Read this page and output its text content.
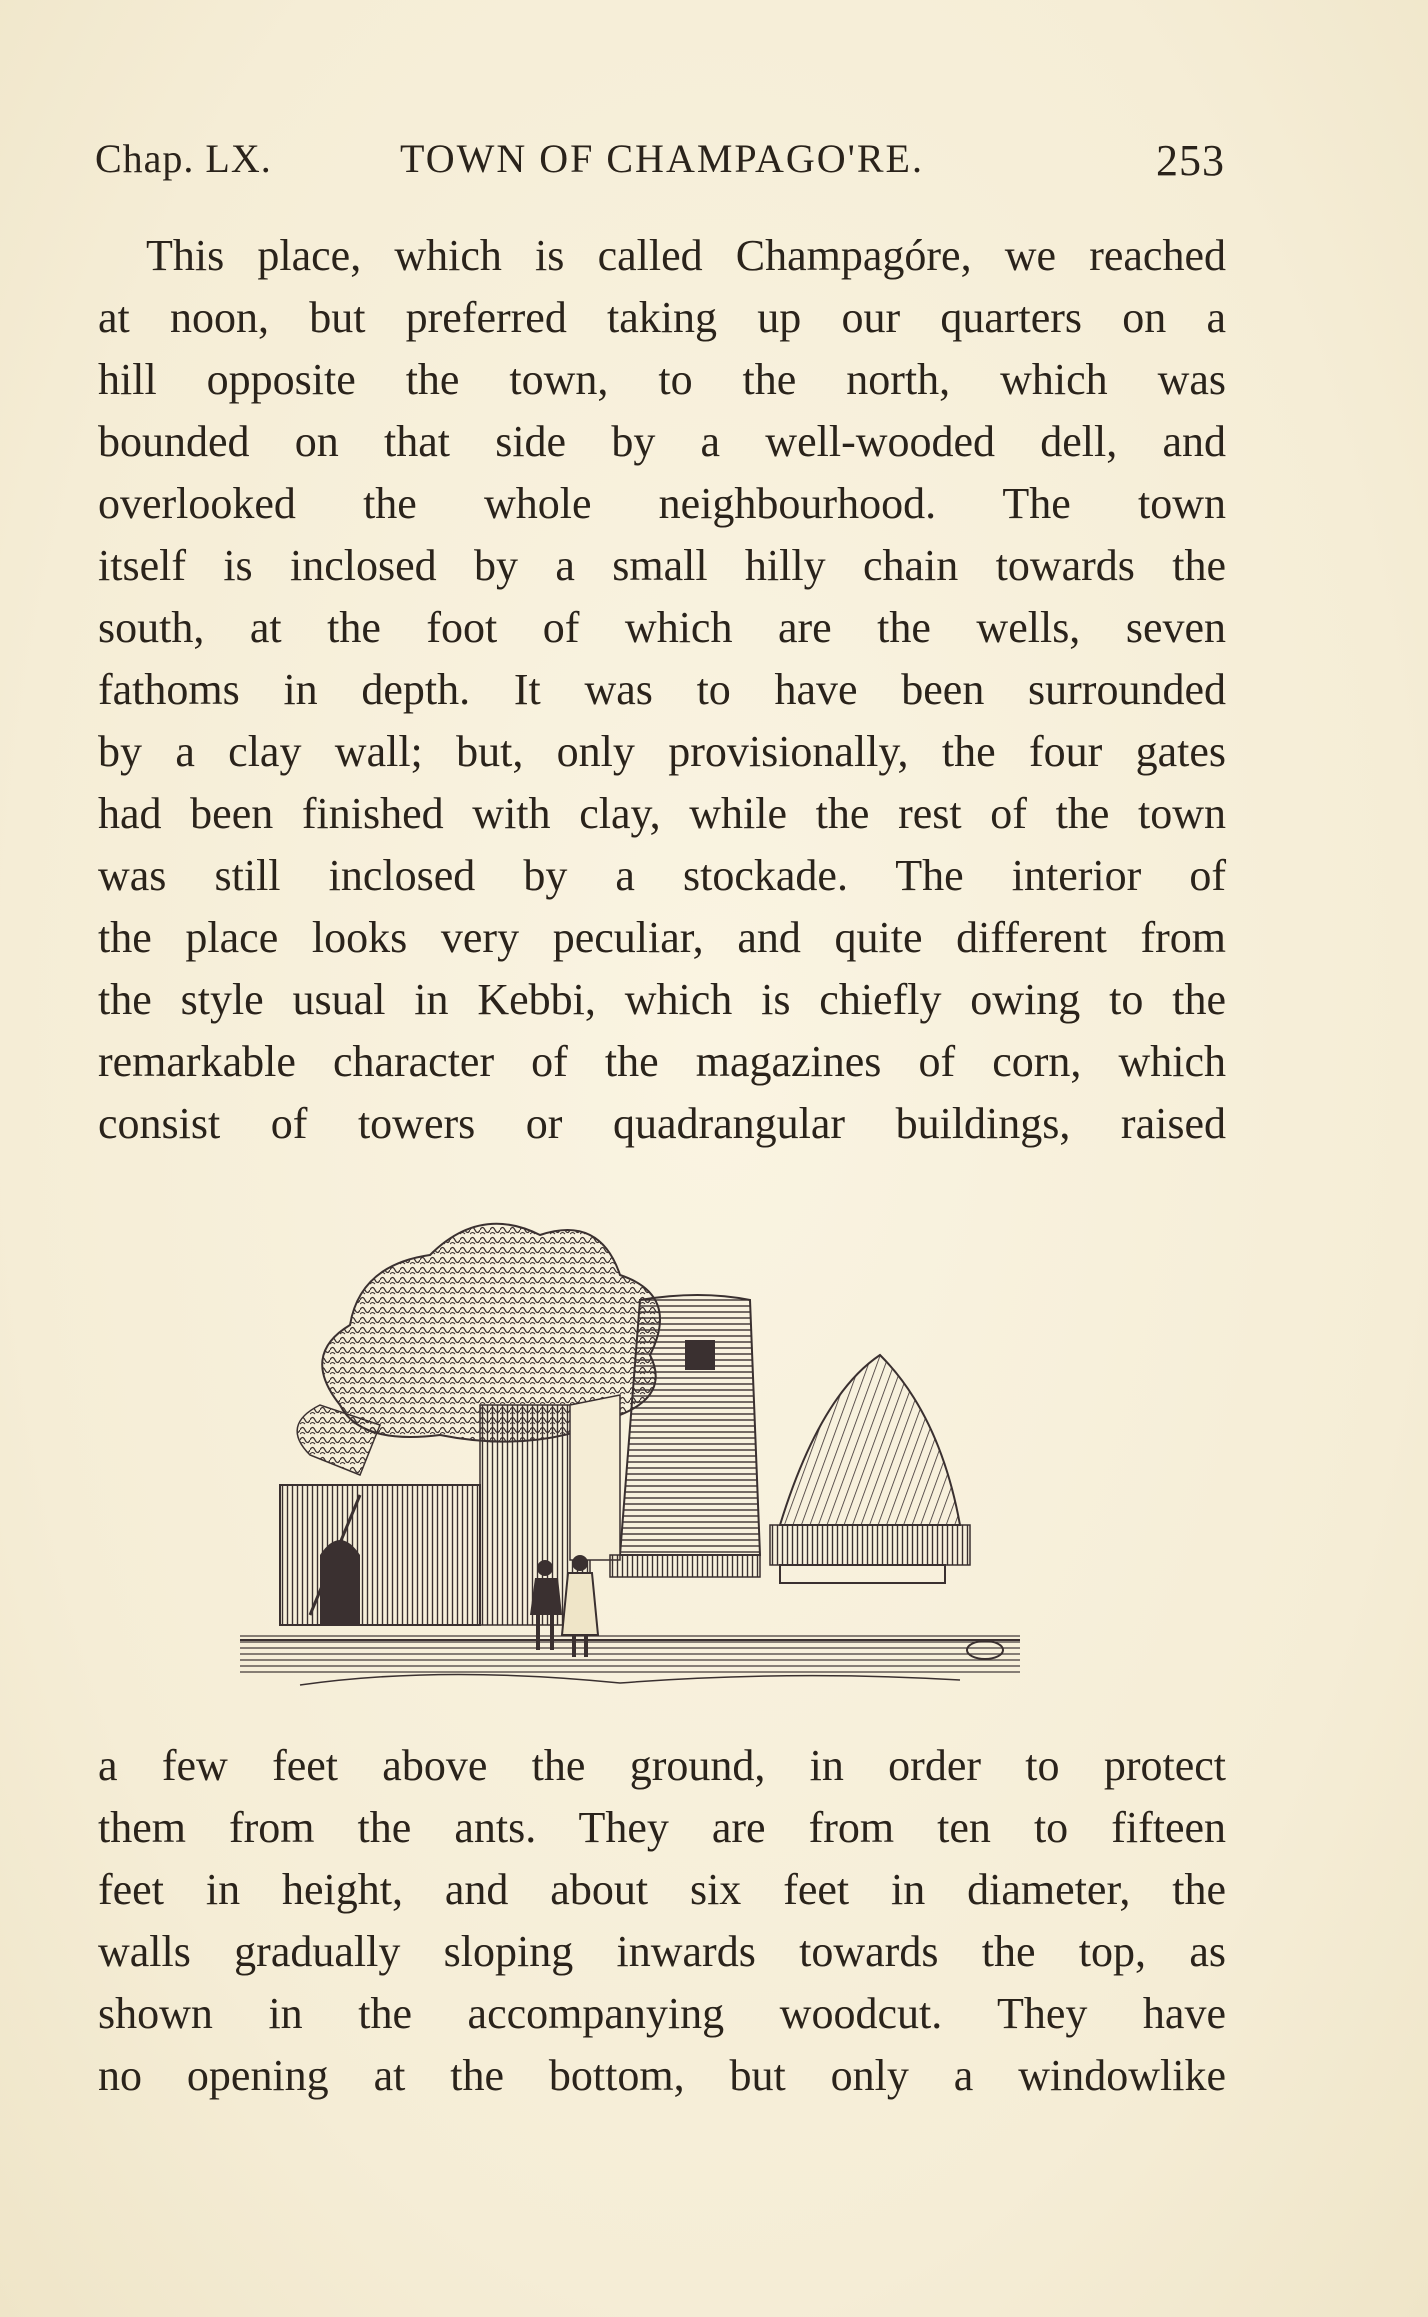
Chap. LX.	TOWN OF CHAMPAGO'RE.	253
This place, which is called Champagóre, we reached
at noon, but preferred taking up our quarters on a
hill opposite the town, to the north, which was
bounded on that side by a well-wooded dell, and
overlooked the whole neighbourhood. The town
itself is inclosed by a small hilly chain towards the
south, at the foot of which are the wells, seven
fathoms in depth. It was to have been surrounded
by a clay wall; but, only provisionally, the four gates
had been finished with clay, while the rest of the town
was still inclosed by a stockade. The interior of
the place looks very peculiar, and quite different from
the style usual in Kebbi, which is chiefly owing to the
remarkable character of the magazines of corn, which
consist of towers or quadrangular buildings, raised
a few feet above the ground, in order to protect
them from the ants. They are from ten to fifteen
feet in height, and about six feet in diameter, the
walls gradually sloping inwards towards the top, as
shown in the accompanying woodcut. They have
no opening at the bottom, but only a windowlike
